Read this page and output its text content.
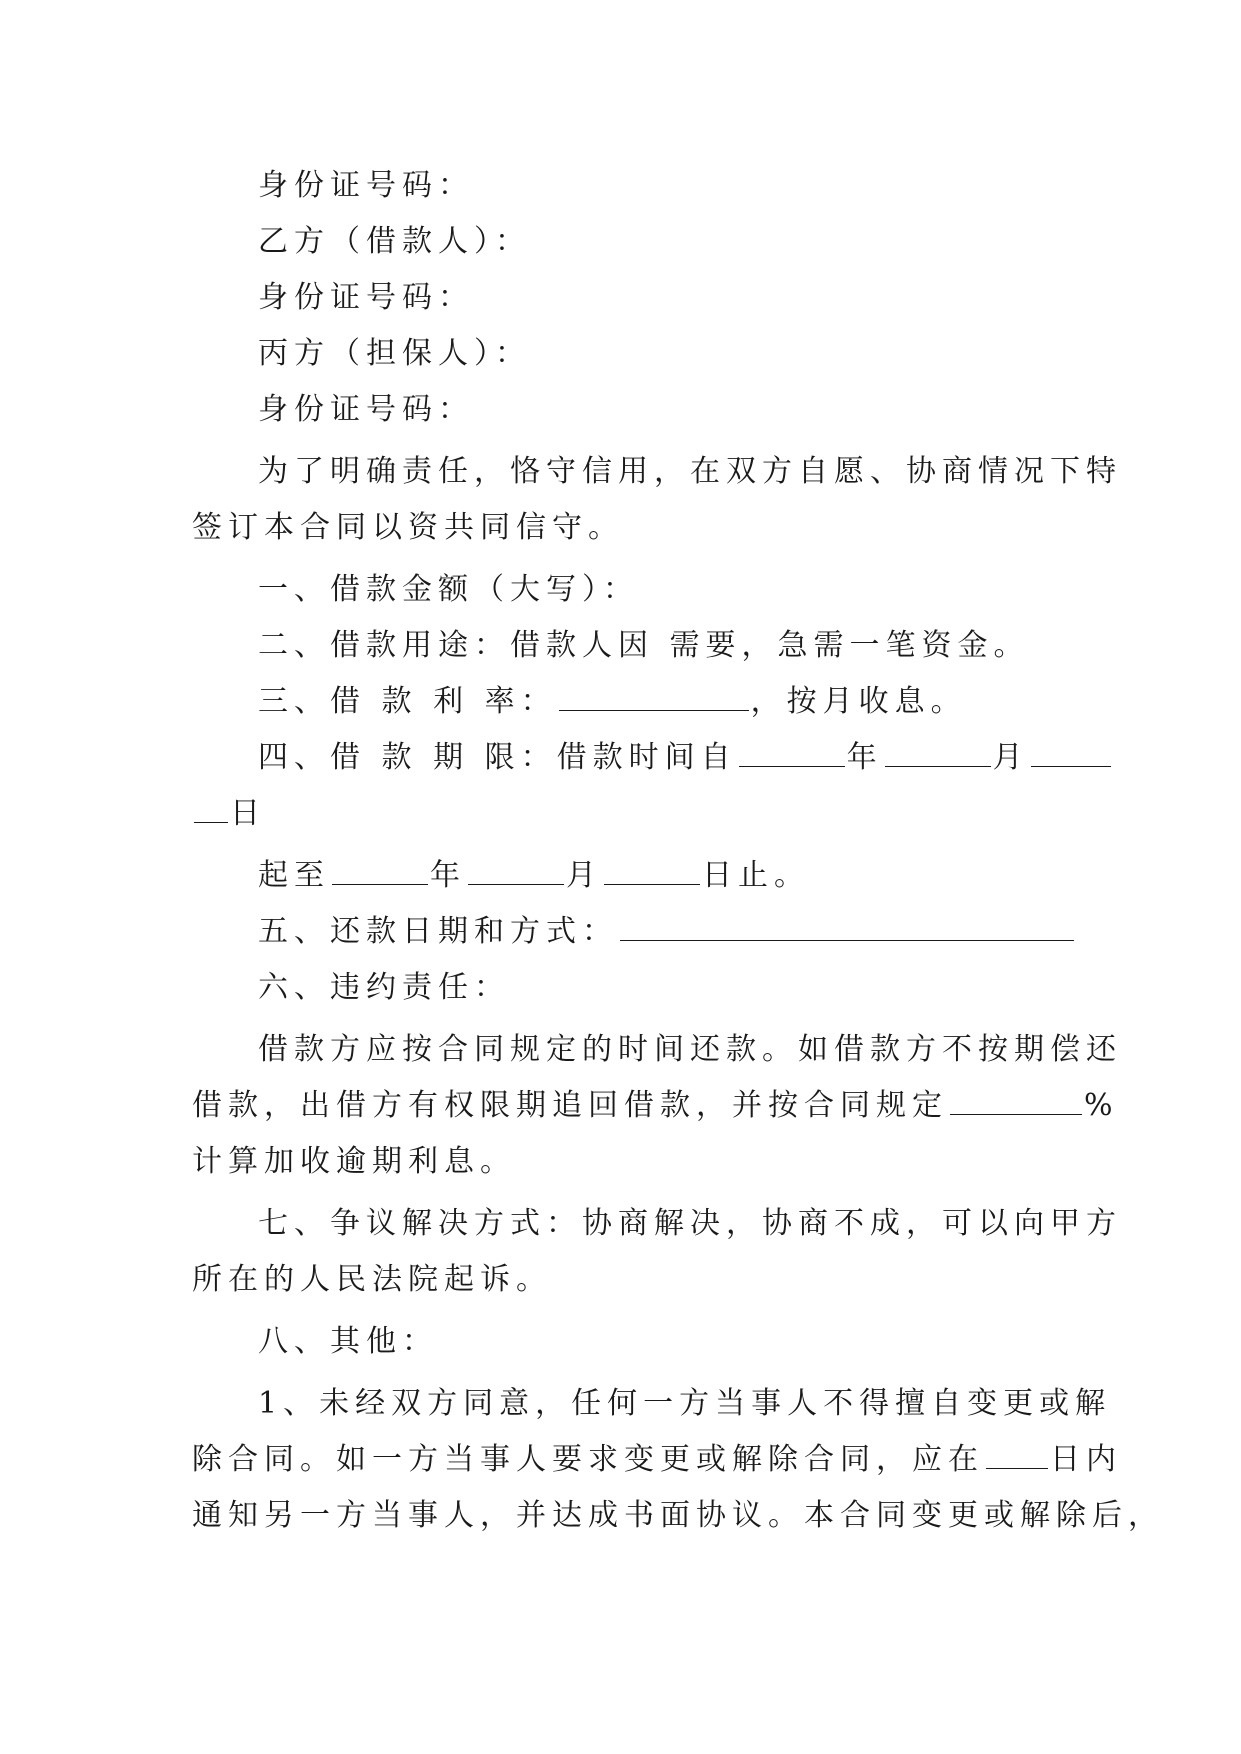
身份证号码：
乙方（借款人）：
身份证号码：
丙方（担保人）：
身份证号码：
为了明确责任，恪守信用，在双方自愿、协商情况下特
签订本合同以资共同信守。
一、借款金额（大写）：
二、借款用途：借款人因 需要，急需一笔资金。
三、借 款 利 率：	，按月收息。
四、借 款 期 限：借款时间自	年	月
日
起至	年	月	日止。
五、还款日期和方式：
六、违约责任：
借款方应按合同规定的时间还款。如借款方不按期偿还
借款，出借方有权限期追回借款，并按合同规定	%
计算加收逾期利息。
七、争议解决方式：协商解决，协商不成，可以向甲方
所在的人民法院起诉。
八、其他：
1、未经双方同意，任何一方当事人不得擅自变更或解
除合同。如一方当事人要求变更或解除合同，应在 日内
通知另一方当事人，并达成书面协议。本合同变更或解除后，
